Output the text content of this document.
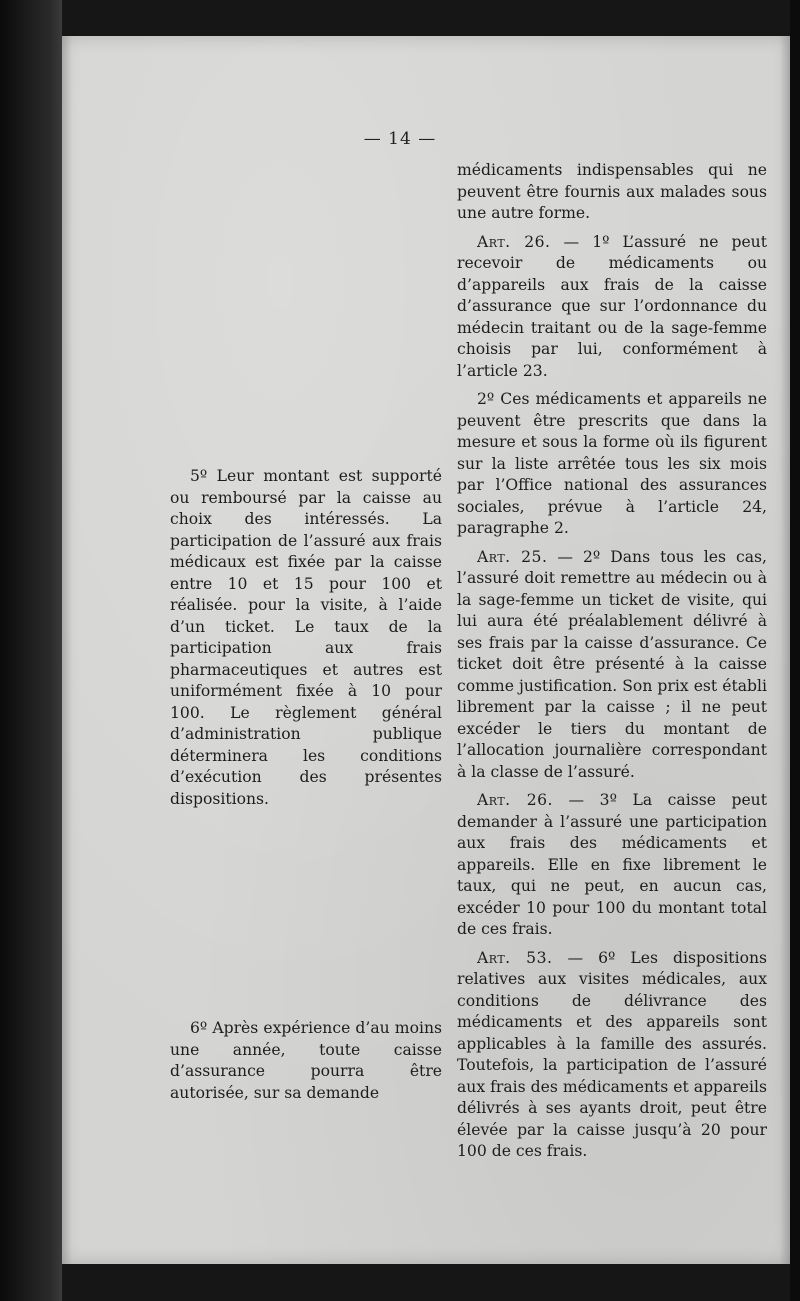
— 14 —

5º Leur montant est supporté ou remboursé par la caisse au choix des intéressés. La participation de l’assuré aux frais médicaux est fixée par la caisse entre 10 et 15 pour 100 et réalisée. pour la visite, à l’aide d’un ticket. Le taux de la participation aux frais pharmaceutiques et autres est uniformément fixée à 10 pour 100. Le règlement général d’administration publique déterminera les conditions d’exécution des présentes dispositions.

6º Après expérience d’au moins une année, toute caisse d’assurance pourra être autorisée, sur sa demande

médicaments indispensables qui ne peuvent être fournis aux malades sous une autre forme.

Art. 26. — 1º L’assuré ne peut recevoir de médicaments ou d’appareils aux frais de la caisse d’assurance que sur l’ordonnance du médecin traitant ou de la sage-femme choisis par lui, conformément à l’article 23.

2º Ces médicaments et appareils ne peuvent être prescrits que dans la mesure et sous la forme où ils figurent sur la liste arrêtée tous les six mois par l’Office national des assurances sociales, prévue à l’article 24, paragraphe 2.

Art. 25. — 2º Dans tous les cas, l’assuré doit remettre au médecin ou à la sage-femme un ticket de visite, qui lui aura été préalablement délivré à ses frais par la caisse d’assurance. Ce ticket doit être présenté à la caisse comme justification. Son prix est établi librement par la caisse ; il ne peut excéder le tiers du montant de l’allocation journalière correspondant à la classe de l’assuré.

Art. 26. — 3º La caisse peut demander à l’assuré une participation aux frais des médicaments et appareils. Elle en fixe librement le taux, qui ne peut, en aucun cas, excéder 10 pour 100 du montant total de ces frais.

Art. 53. — 6º Les dispositions relatives aux visites médicales, aux conditions de délivrance des médicaments et des appareils sont applicables à la famille des assurés. Toutefois, la participation de l’assuré aux frais des médicaments et appareils délivrés à ses ayants droit, peut être élevée par la caisse jusqu’à 20 pour 100 de ces frais.
